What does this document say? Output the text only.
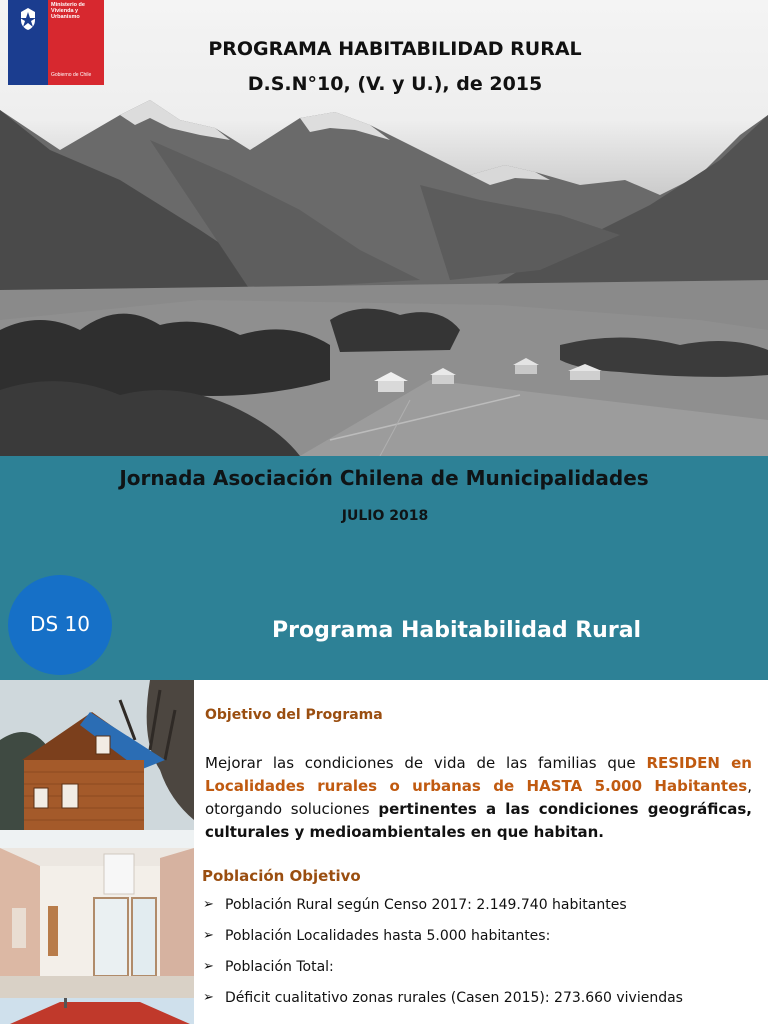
Ministerio de Vivienda y Urbanismo
Gobierno de Chile
PROGRAMA HABITABILIDAD RURAL
D.S.N°10, (V. y U.), de 2015
Jornada Asociación Chilena de Municipalidades
JULIO 2018
DS 10	Programa Habitabilidad Rural
Objetivo del Programa
Mejorar las condiciones de vida de las familias que RESIDEN en Localidades rurales o urbanas de HASTA 5.000 Habitantes, otorgando soluciones pertinentes a las condiciones geográficas, culturales y medioambientales en que habitan.
Población Objetivo
➢ Población Rural según Censo 2017: 2.149.740 habitantes
➢ Población Localidades hasta 5.000 habitantes:
➢ Población Total:
➢ Déficit cualitativo zonas rurales (Casen 2015): 273.660 viviendas
